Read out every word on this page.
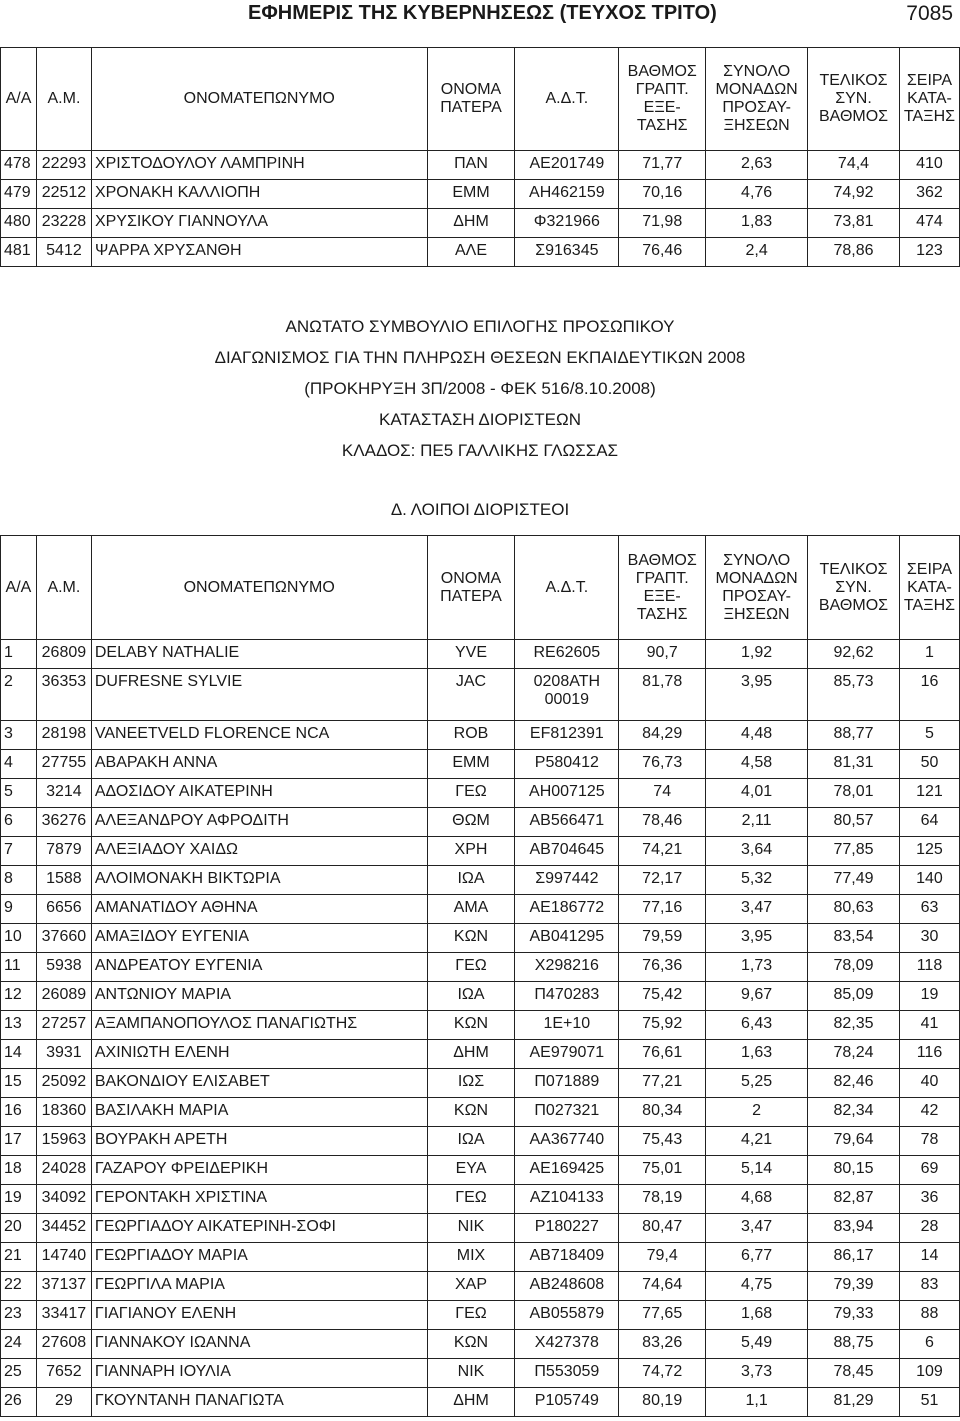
ΕΦΗΜΕΡΙΣ ΤΗΣ ΚΥΒΕΡΝΗΣΕΩΣ (ΤΕΥΧΟΣ ΤΡΙΤΟ)	7085
Α/Α	Α.Μ.	ΟΝΟΜΑΤΕΠΩΝΥΜΟ	ΟΝΟΜΑ ΠΑΤΕΡΑ	Α.Δ.Τ.	ΒΑΘΜΟΣ ΓΡΑΠΤ. ΕΞΕ- ΤΑΣΗΣ	ΣΥΝΟΛΟ ΜΟΝΑΔΩΝ ΠΡΟΣΑΥ- ΞΗΣΕΩΝ	ΤΕΛΙΚΟΣ ΣΥΝ. ΒΑΘΜΟΣ	ΣΕΙΡΑ ΚΑΤΑ- ΤΑΞΗΣ
478	22293	ΧΡΙΣΤΟΔΟΥΛΟΥ ΛΑΜΠΡΙΝΗ	ΠΑΝ	ΑΕ201749	71,77	2,63	74,4	410
479	22512	ΧΡΟΝΑΚΗ ΚΑΛΛΙΟΠΗ	ΕΜΜ	ΑΗ462159	70,16	4,76	74,92	362
480	23228	ΧΡΥΣΙΚΟΥ ΓΙΑΝΝΟΥΛΑ	ΔΗΜ	Φ321966	71,98	1,83	73,81	474
481	5412	ΨΑΡΡΑ ΧΡΥΣΑΝΘΗ	ΑΛΕ	Σ916345	76,46	2,4	78,86	123
ΑΝΩΤΑΤΟ ΣΥΜΒΟΥΛΙΟ ΕΠΙΛΟΓΗΣ ΠΡΟΣΩΠΙΚΟΥ
ΔΙΑΓΩΝΙΣΜΟΣ ΓΙΑ ΤΗΝ ΠΛΗΡΩΣΗ ΘΕΣΕΩΝ ΕΚΠΑΙΔΕΥΤΙΚΩΝ 2008
(ΠΡΟΚΗΡΥΞΗ 3Π/2008 - ΦΕΚ 516/8.10.2008)
ΚΑΤΑΣΤΑΣΗ ΔΙΟΡΙΣΤΕΩΝ
ΚΛΑΔΟΣ: ΠΕ5 ΓΑΛΛΙΚΗΣ ΓΛΩΣΣΑΣ
Δ. ΛΟΙΠΟΙ ΔΙΟΡΙΣΤΕΟΙ
Α/Α	Α.Μ.	ΟΝΟΜΑΤΕΠΩΝΥΜΟ	ΟΝΟΜΑ ΠΑΤΕΡΑ	Α.Δ.Τ.	ΒΑΘΜΟΣ ΓΡΑΠΤ. ΕΞΕ- ΤΑΣΗΣ	ΣΥΝΟΛΟ ΜΟΝΑΔΩΝ ΠΡΟΣΑΥ- ΞΗΣΕΩΝ	ΤΕΛΙΚΟΣ ΣΥΝ. ΒΑΘΜΟΣ	ΣΕΙΡΑ ΚΑΤΑ- ΤΑΞΗΣ
1	26809	DELABY NATHALIE	YVE	RE62605	90,7	1,92	92,62	1
2	36353	DUFRESNE SYLVIE	JAC	0208ATH 00019	81,78	3,95	85,73	16
3	28198	VANEETVELD FLORENCE NCA	ROB	EF812391	84,29	4,48	88,77	5
4	27755	ΑΒΑΡΑΚΗ ΑΝΝΑ	ΕΜΜ	Ρ580412	76,73	4,58	81,31	50
5	3214	ΑΔΟΣΙΔΟΥ ΑΙΚΑΤΕΡΙΝΗ	ΓΕΩ	ΑΗ007125	74	4,01	78,01	121
6	36276	ΑΛΕΞΑΝΔΡΟΥ ΑΦΡΟΔΙΤΗ	ΘΩΜ	ΑΒ566471	78,46	2,11	80,57	64
7	7879	ΑΛΕΞΙΑΔΟΥ ΧΑΙΔΩ	ΧΡΗ	ΑΒ704645	74,21	3,64	77,85	125
8	1588	ΑΛΟΙΜΟΝΑΚΗ ΒΙΚΤΩΡΙΑ	ΙΩΑ	Σ997442	72,17	5,32	77,49	140
9	6656	ΑΜΑΝΑΤΙΔΟΥ ΑΘΗΝΑ	ΑΜΑ	ΑΕ186772	77,16	3,47	80,63	63
10	37660	ΑΜΑΞΙΔΟΥ ΕΥΓΕΝΙΑ	ΚΩΝ	ΑΒ041295	79,59	3,95	83,54	30
11	5938	ΑΝΔΡΕΑΤΟΥ ΕΥΓΕΝΙΑ	ΓΕΩ	Χ298216	76,36	1,73	78,09	118
12	26089	ΑΝΤΩΝΙΟΥ ΜΑΡΙΑ	ΙΩΑ	Π470283	75,42	9,67	85,09	19
13	27257	ΑΞΑΜΠΑΝΟΠΟΥΛΟΣ ΠΑΝΑΓΙΩΤΗΣ	ΚΩΝ	1E+10	75,92	6,43	82,35	41
14	3931	ΑΧΙΝΙΩΤΗ ΕΛΕΝΗ	ΔΗΜ	ΑΕ979071	76,61	1,63	78,24	116
15	25092	ΒΑΚΟΝΔΙΟΥ ΕΛΙΣΑΒΕΤ	ΙΩΣ	Π071889	77,21	5,25	82,46	40
16	18360	ΒΑΣΙΛΑΚΗ ΜΑΡΙΑ	ΚΩΝ	Π027321	80,34	2	82,34	42
17	15963	ΒΟΥΡΑΚΗ ΑΡΕΤΗ	ΙΩΑ	ΑΑ367740	75,43	4,21	79,64	78
18	24028	ΓΑΖΑΡΟΥ ΦΡΕΙΔΕΡΙΚΗ	ΕΥΑ	ΑΕ169425	75,01	5,14	80,15	69
19	34092	ΓΕΡΟΝΤΑΚΗ ΧΡΙΣΤΙΝΑ	ΓΕΩ	ΑΖ104133	78,19	4,68	82,87	36
20	34452	ΓΕΩΡΓΙΑΔΟΥ ΑΙΚΑΤΕΡΙΝΗ-ΣΟΦΙ	ΝΙΚ	Ρ180227	80,47	3,47	83,94	28
21	14740	ΓΕΩΡΓΙΑΔΟΥ ΜΑΡΙΑ	ΜΙΧ	ΑΒ718409	79,4	6,77	86,17	14
22	37137	ΓΕΩΡΓΙΛΑ ΜΑΡΙΑ	ΧΑΡ	ΑΒ248608	74,64	4,75	79,39	83
23	33417	ΓΙΑΓΙΑΝΟΥ ΕΛΕΝΗ	ΓΕΩ	ΑΒ055879	77,65	1,68	79,33	88
24	27608	ΓΙΑΝΝΑΚΟΥ ΙΩΑΝΝΑ	ΚΩΝ	Χ427378	83,26	5,49	88,75	6
25	7652	ΓΙΑΝΝΑΡΗ ΙΟΥΛΙΑ	ΝΙΚ	Π553059	74,72	3,73	78,45	109
26	29	ΓΚΟΥΝΤΑΝΗ ΠΑΝΑΓΙΩΤΑ	ΔΗΜ	Ρ105749	80,19	1,1	81,29	51
